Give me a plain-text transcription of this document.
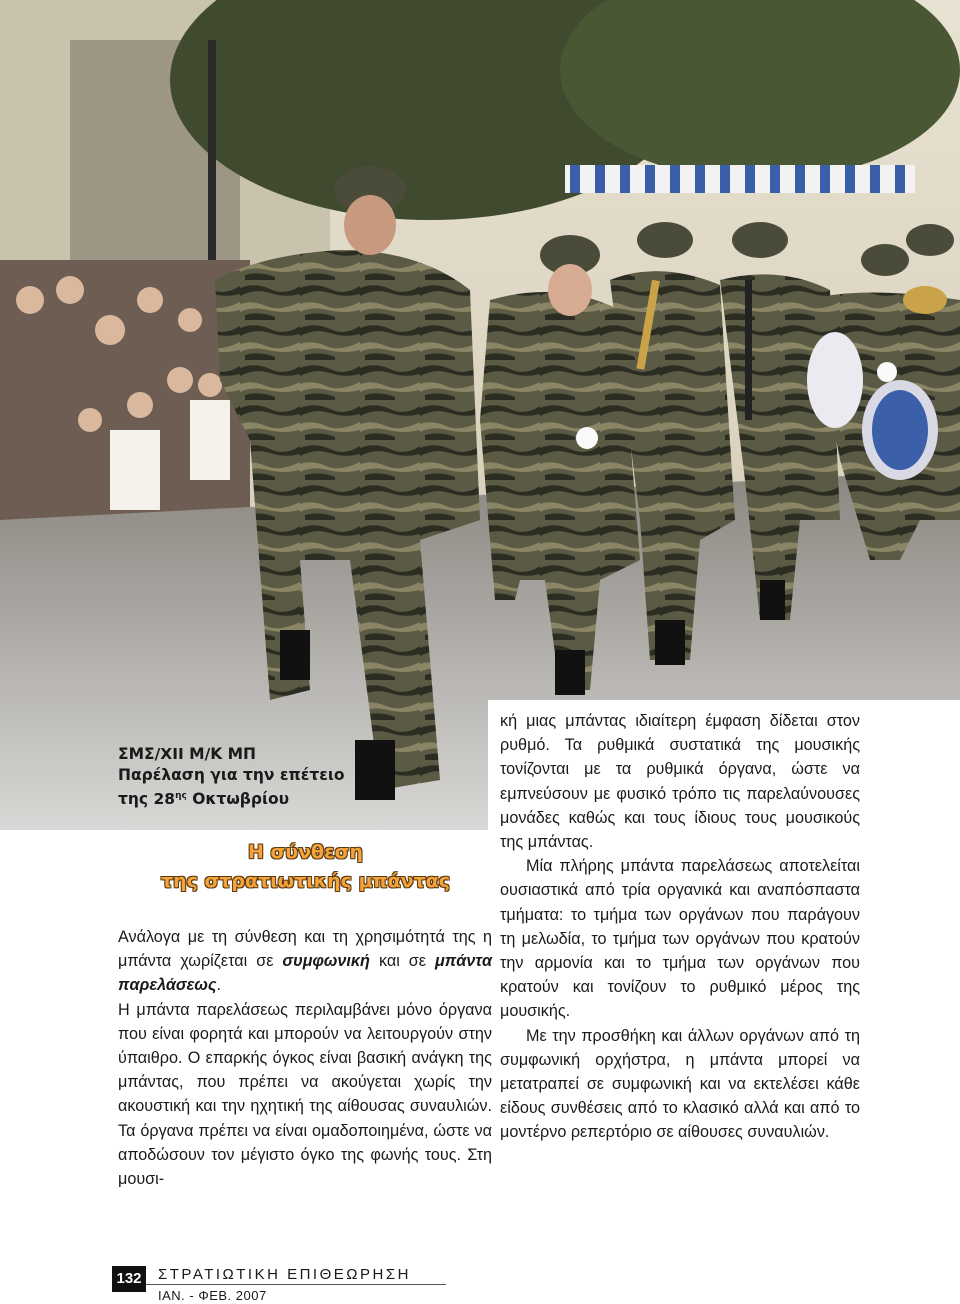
ΣΜΣ/XII Μ/Κ ΜΠ
Παρέλαση για την επέτειο
της $28^{\eta\varsigma}$ Οκτωβρίου
Η σύνθεση
της στρατιωτικής μπάντας

Ανάλογα με τη σύνθεση και τη χρησιμότητά της η μπάντα χωρίζεται σε συμφωνική και σε μπάντα παρελάσεως.

Η μπάντα παρελάσεως περιλαμβάνει μόνο όργανα που είναι φορητά και μπορούν να λειτουργούν στην ύπαιθρο. Ο επαρκής όγκος είναι βασική ανάγκη της μπάντας, που πρέπει να ακούγεται χωρίς την ακουστική και την ηχητική της αίθουσας συναυλιών. Τα όργανα πρέπει να είναι ομαδοποιημένα, ώστε να αποδώσουν τον μέγιστο όγκο της φωνής τους. Στη μουσι-

κή μιας μπάντας ιδιαίτερη έμφαση δίδεται στον ρυθμό. Τα ρυθμικά συστατικά της μουσικής τονίζονται με τα ρυθμικά όργανα, ώστε να εμπνεύσουν με φυσικό τρόπο τις παρελαύνουσες μονάδες καθώς και τους ίδιους τους μουσικούς της μπάντας.

Μία πλήρης μπάντα παρελάσεως αποτελείται ουσιαστικά από τρία οργανικά και αναπόσπαστα τμήματα: το τμήμα των οργάνων που παράγουν τη μελωδία, το τμήμα των οργάνων που κρατούν την αρμονία και το τμήμα των οργάνων που κρατούν και τονίζουν το ρυθμικό μέρος της μουσικής.

Με την προσθήκη και άλλων οργάνων από τη συμφωνική ορχήστρα, η μπάντα μπορεί να μετατραπεί σε συμφωνική και να εκτελέσει κάθε είδους συνθέσεις από το κλασικό αλλά και από το μοντέρνο ρεπερτόριο σε αίθουσες συναυλιών.

132 ΣΤΡΑΤΙΩΤΙΚΗ ΕΠΙΘΕΩΡΗΣΗ
ΙΑΝ. - ΦΕΒ. 2007
